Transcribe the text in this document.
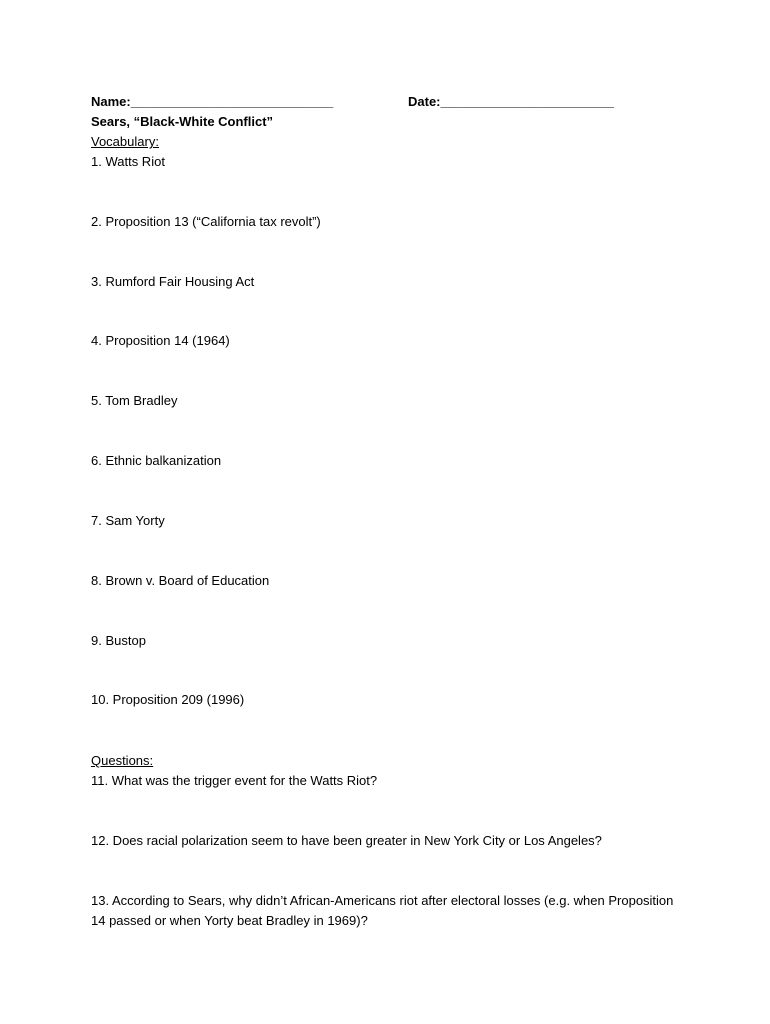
Name:____________________________	Date:________________________
Sears, “Black-White Conflict”
Vocabulary:
1. Watts Riot
2. Proposition 13 (“California tax revolt”)
3. Rumford Fair Housing Act
4. Proposition 14 (1964)
5. Tom Bradley
6. Ethnic balkanization
7. Sam Yorty
8. Brown v. Board of Education
9. Bustop
10. Proposition 209 (1996)
Questions:
11. What was the trigger event for the Watts Riot?
12. Does racial polarization seem to have been greater in New York City or Los Angeles?
13. According to Sears, why didn’t African-Americans riot after electoral losses (e.g. when Proposition 14 passed or when Yorty beat Bradley in 1969)?
